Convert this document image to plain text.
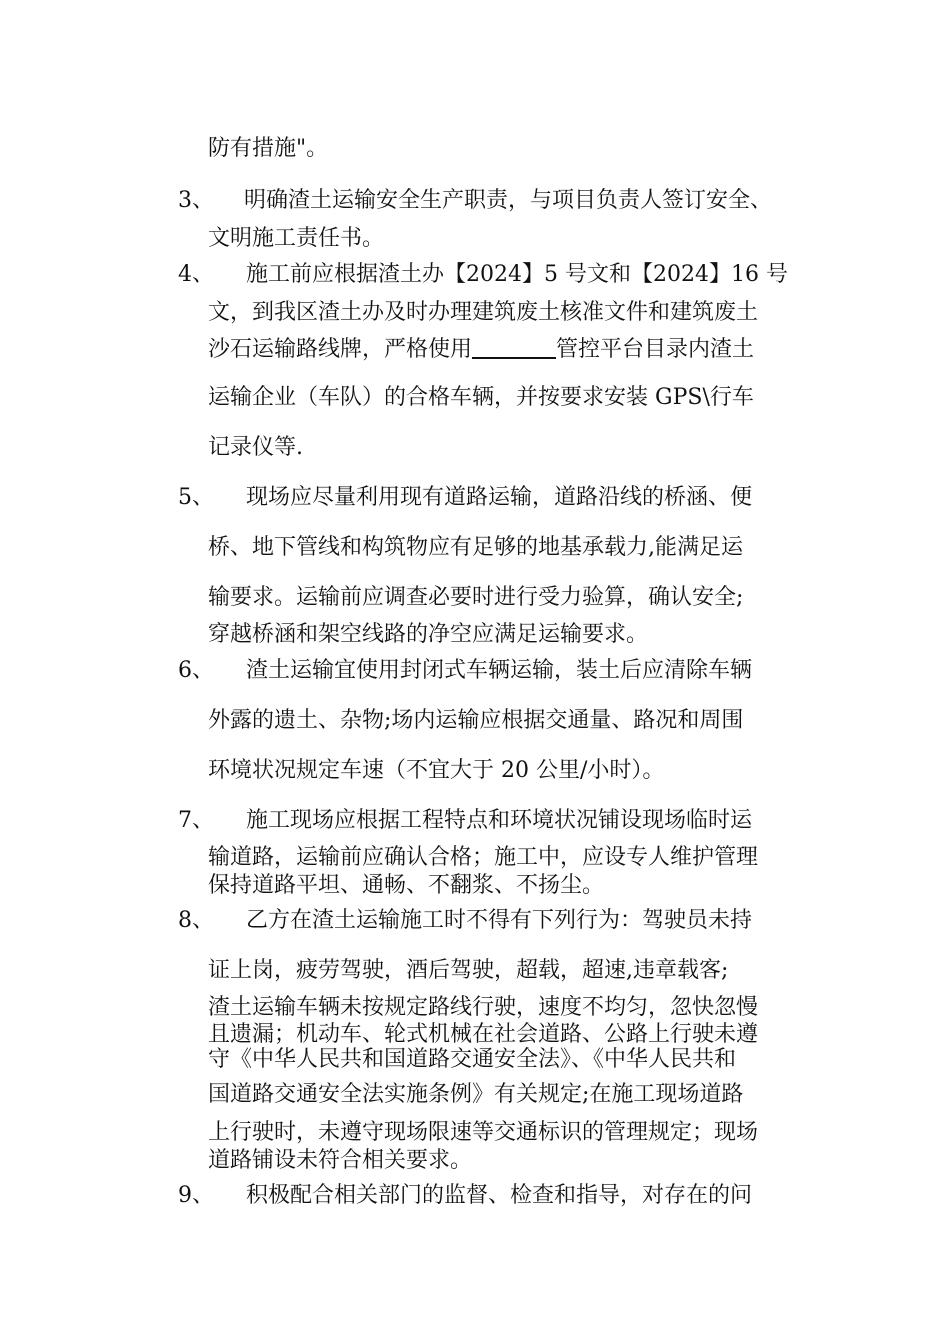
防有措施"。
3、 明确渣土运输安全生产职责，与项目负责人签订安全、
文明施工责任书。
4、 施工前应根据渣土办【2024】5 号文和【2024】16 号
文，到我区渣土办及时办理建筑废土核准文件和建筑废土
沙石运输路线牌，严格使用	管控平台目录内渣土
运输企业（车队）的合格车辆，并按要求安装 GPS\行车
记录仪等.
5、 现场应尽量利用现有道路运输，道路沿线的桥涵、便
桥、地下管线和构筑物应有足够的地基承载力,能满足运
输要求。运输前应调查必要时进行受力验算，确认安全;
穿越桥涵和架空线路的净空应满足运输要求。
6、 渣土运输宜使用封闭式车辆运输，装土后应清除车辆
外露的遗土、杂物;场内运输应根据交通量、路况和周围
环境状况规定车速（不宜大于 20 公里/小时）。
7、 施工现场应根据工程特点和环境状况铺设现场临时运
输道路，运输前应确认合格；施工中，应设专人维护管理
保持道路平坦、通畅、不翻浆、不扬尘。
8、 乙方在渣土运输施工时不得有下列行为：驾驶员未持
证上岗，疲劳驾驶，酒后驾驶，超载，超速,违章载客;
渣土运输车辆未按规定路线行驶，速度不均匀，忽快忽慢
且遗漏；机动车、轮式机械在社会道路、公路上行驶未遵
守《中华人民共和国道路交通安全法》、《中华人民共和
国道路交通安全法实施条例》有关规定;在施工现场道路
上行驶时，未遵守现场限速等交通标识的管理规定；现场
道路铺设未符合相关要求。
9、 积极配合相关部门的监督、检查和指导，对存在的问
